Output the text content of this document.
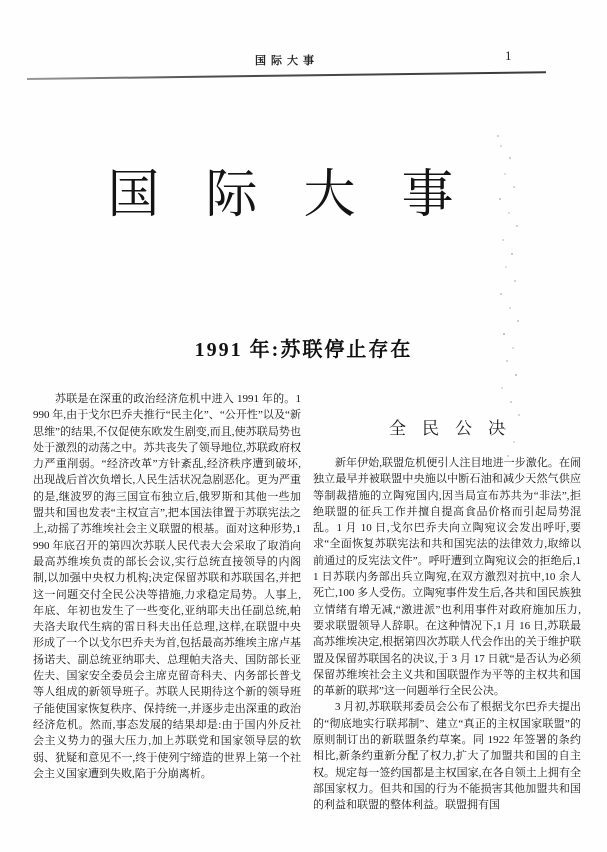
国际大事	1
国际大事
1991 年:苏联停止存在

苏联是在深重的政治经济危机中进入 1991 年的。1990 年,由于戈尔巴乔夫推行“民主化”、“公开性”以及“新思维”的结果,不仅促使东欧发生剧变,而且,使苏联局势也处于激烈的动荡之中。苏共丧失了领导地位,苏联政府权力严重削弱。“经济改革”方针紊乱,经济秩序遭到破坏,出现战后首次负增长,人民生活状况急剧恶化。更为严重的是,继波罗的海三国宣布独立后,俄罗斯和其他一些加盟共和国也发表“主权宣言”,把本国法律置于苏联宪法之上,动摇了苏维埃社会主义联盟的根基。面对这种形势,1990 年底召开的第四次苏联人民代表大会采取了取消向最高苏维埃负责的部长会议,实行总统直接领导的内阁制,以加强中央权力机构;决定保留苏联和苏联国名,并把这一问题交付全民公决等措施,力求稳定局势。人事上,年底、年初也发生了一些变化,亚纳耶夫出任副总统,帕夫洛夫取代生病的雷日科夫出任总理,这样,在联盟中央形成了一个以戈尔巴乔夫为首,包括最高苏维埃主席卢基扬诺夫、副总统亚纳耶夫、总理帕夫洛夫、国防部长亚佐夫、国家安全委员会主席克留奇科夫、内务部长普戈等人组成的新领导班子。苏联人民期待这个新的领导班子能使国家恢复秩序、保持统一,并逐步走出深重的政治经济危机。然而,事态发展的结果却是:由于国内外反社会主义势力的强大压力,加上苏联党和国家领导层的软弱、犹疑和意见不一,终于使列宁缔造的世界上第一个社会主义国家遭到失败,陷于分崩离析。

全民公决

新年伊始,联盟危机便引人注目地进一步激化。在闹独立最早并被联盟中央施以中断石油和减少天然气供应等制裁措施的立陶宛国内,因当局宣布苏共为“非法”,拒绝联盟的征兵工作并擅自提高食品价格而引起局势混乱。1 月 10 日,戈尔巴乔夫向立陶宛议会发出呼吁,要求“全面恢复苏联宪法和共和国宪法的法律效力,取缔以前通过的反宪法文件”。呼吁遭到立陶宛议会的拒绝后,11 日苏联内务部出兵立陶宛,在双方激烈对抗中,10 余人死亡,100 多人受伤。立陶宛事件发生后,各共和国民族独立情绪有增无减,“激进派”也利用事件对政府施加压力,要求联盟领导人辞职。在这种情况下,1 月 16 日,苏联最高苏维埃决定,根据第四次苏联人代会作出的关于维护联盟及保留苏联国名的决议,于 3 月 17 日就“是否认为必须保留苏维埃社会主义共和国联盟作为平等的主权共和国的革新的联邦”这一问题举行全民公决。

3 月初,苏联联邦委员会公布了根据戈尔巴乔夫提出的“彻底地实行联邦制”、建立“真正的主权国家联盟”的原则制订出的新联盟条约草案。同 1922 年签署的条约相比,新条约重新分配了权力,扩大了加盟共和国的自主权。规定每一签约国都是主权国家,在各自领土上拥有全部国家权力。但共和国的行为不能损害其他加盟共和国的利益和联盟的整体利益。联盟拥有国
